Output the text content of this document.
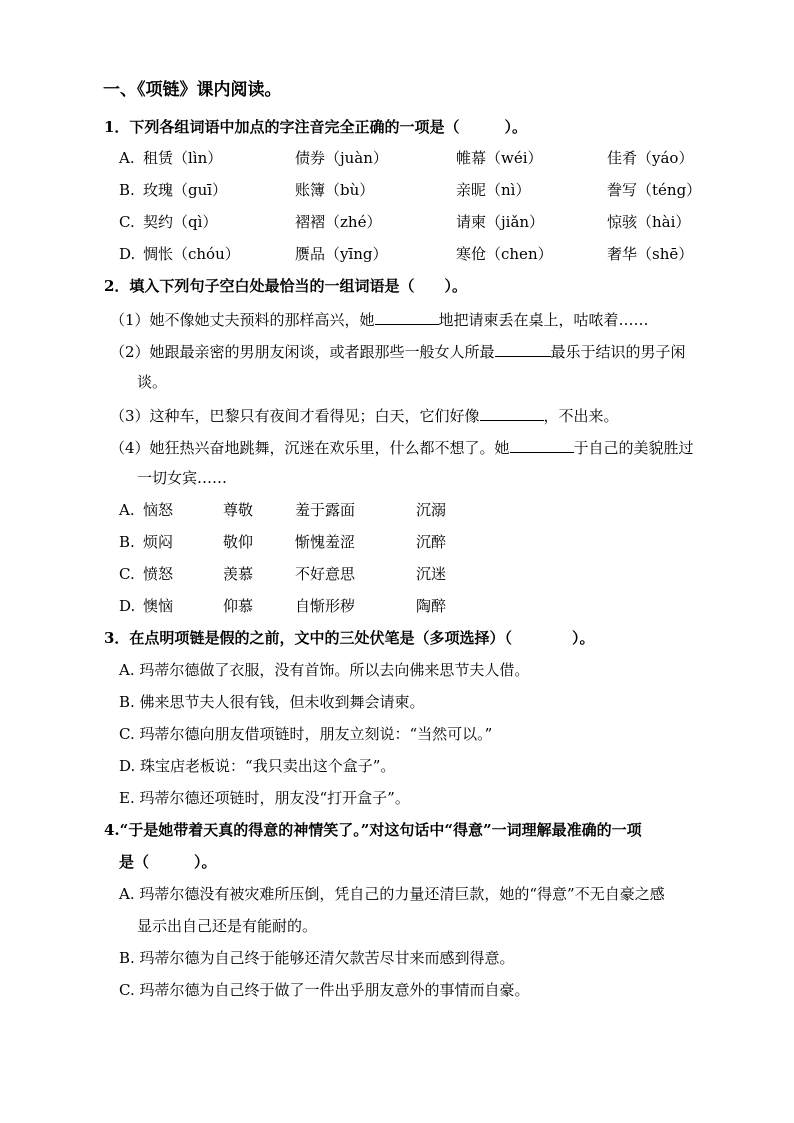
一、《项链》课内阅读。
1．下列各组词语中加点的字注音完全正确的一项是（　　　）。
A. 租赁（lìn）	债券（juàn）	帷幕（wéi）	佳肴（yáo）
B. 玫瑰（guī）	账簿（bù）	亲昵（nì）	誊写（téng）
C. 契约（qì）	褶褶（zhé）	请柬（jiǎn）	惊骇（hài）
D. 惆怅（chóu）	赝品（yīng）	寒伧（chen）	奢华（shē）
2．填入下列句子空白处最恰当的一组词语是（　　）。
（1）她不像她丈夫预料的那样高兴，她	地把请柬丢在桌上，咕哝着……
（2）她跟最亲密的男朋友闲谈，或者跟那些一般女人所最	最乐于结识的男子闲
谈。
（3）这种车，巴黎只有夜间才看得见；白天，它们好像	，不出来。
（4）她狂热兴奋地跳舞，沉迷在欢乐里，什么都不想了。她	于自己的美貌胜过
一切女宾……
A. 恼怒	尊敬	羞于露面	沉溺
B. 烦闷	敬仰	惭愧羞涩	沉醉
C. 愤怒	羡慕	不好意思	沉迷
D. 懊恼	仰慕	自惭形秽	陶醉
3．在点明项链是假的之前，文中的三处伏笔是（多项选择）（　　　　）。
A. 玛蒂尔德做了衣服，没有首饰。所以去向佛来思节夫人借。
B. 佛来思节夫人很有钱，但未收到舞会请柬。
C. 玛蒂尔德向朋友借项链时，朋友立刻说：“当然可以。”
D. 珠宝店老板说：“我只卖出这个盒子”。
E. 玛蒂尔德还项链时，朋友没“打开盒子”。
4.“于是她带着天真的得意的神情笑了。”对这句话中“得意”一词理解最准确的一项
是（　　　）。
A. 玛蒂尔德没有被灾难所压倒，凭自己的力量还清巨款，她的“得意”不无自豪之感
显示出自己还是有能耐的。
B. 玛蒂尔德为自己终于能够还清欠款苦尽甘来而感到得意。
C. 玛蒂尔德为自己终于做了一件出乎朋友意外的事情而自豪。
